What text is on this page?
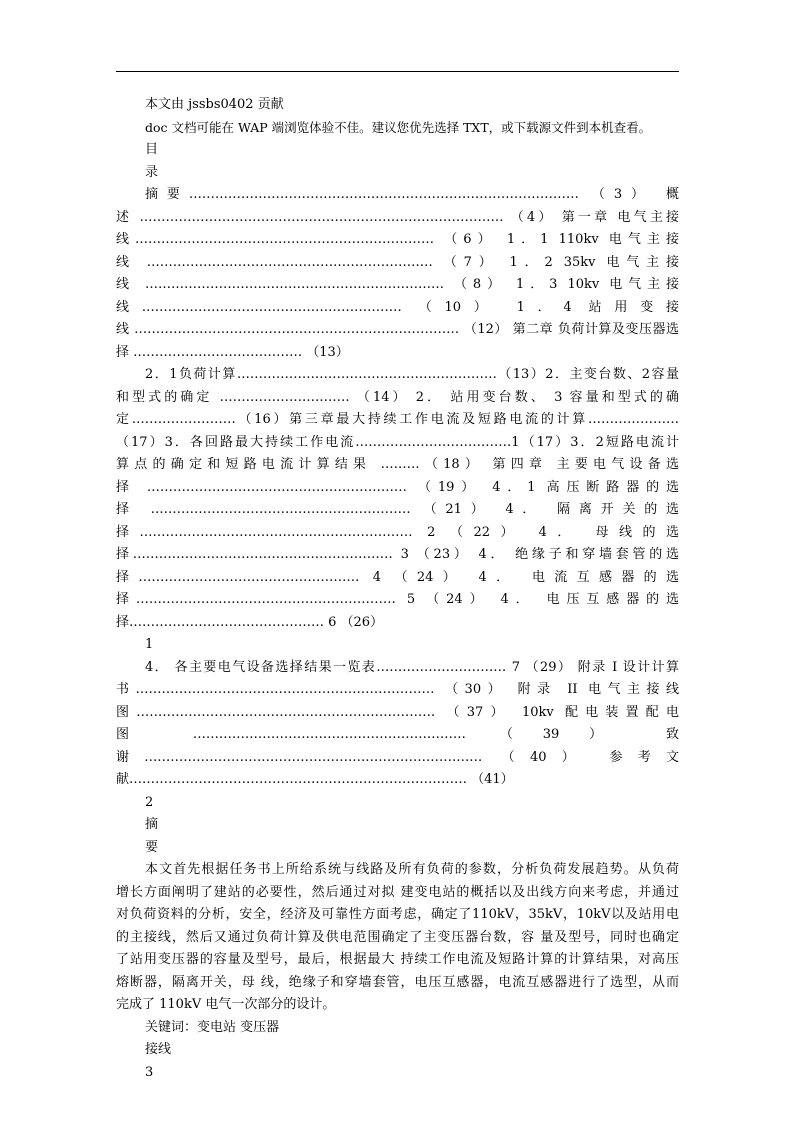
本文由 jssbs0402 贡献
doc 文档可能在 WAP 端浏览体验不佳。建议您优先选择 TXT，或下载源文件到本机查看。
目
录
摘要……………………………………………………………………………… （3） 概
述 ………………………………………………………………………… （4） 第一章 电气主接
线…………………………………………………………… （6） 1．1 110kv 电气主接
线 ………………………………………………………… （7） 1．2 35kv 电气主接
线 …………………………………………………………… （8） 1．3 10kv 电气主接
线…………………………………………………… （10） 1．4 站用变接
线 ………………………………………………………………… （12） 第二章 负荷计算及变压器选
择 ………………………………… （13）
2．1负荷计算……………………………………………………（13）2．主变台数、2容量
和型式的确定 ………………………… （14） 2． 站用变台数、 3 容量和型式的确
定……………………（16）第三章最大持续工作电流及短路电流的计算…………………
（17）3．各回路最大持续工作电流………………………………1（17）3．2短路电流计
算点的确定和短路电流计算结果 ………（18） 第四章 主要电气设备选
择 …………………………………………………… （19） 4．1 高压断路器的选
择 …………………………………………………… （21） 4． 隔离开关的选
择……………………………………………………… 2 （22） 4． 母线的选
择…………………………………………………… 3 （23） 4． 绝缘子和穿墙套管的选
择…………………………………………… 4 （24） 4． 电流互感器的选
择…………………………………………………… 5 （24） 4． 电压互感器的选
择……………………………………… 6 （26）
1
4． 各主要电气设备选择结果一览表………………………… 7 （29） 附录 I 设计计算
书…………………………………………………………… （30） 附录 II 电气主接线
图…………………………………………………………… （37） 10kv 配电装置配电
图 ……………………………………………………… （39） 致
谢…………………………………………………………………… （40） 参考文
献…………………………………………………………………… （41）
2
摘
要
本文首先根据任务书上所给系统与线路及所有负荷的参数，分析负荷发展趋势。从负荷
增长方面阐明了建站的必要性，然后通过对拟 建变电站的概括以及出线方向来考虑，并通过
对负荷资料的分析，安全，经济及可靠性方面考虑，确定了110kV，35kV，10kV以及站用电
的主接线，然后又通过负荷计算及供电范围确定了主变压器台数，容 量及型号，同时也确定
了站用变压器的容量及型号，最后，根据最大 持续工作电流及短路计算的计算结果，对高压
熔断器，隔离开关，母 线，绝缘子和穿墙套管，电压互感器，电流互感器进行了选型，从而
完成了 110kV 电气一次部分的设计。
关键词：变电站 变压器
接线
3
